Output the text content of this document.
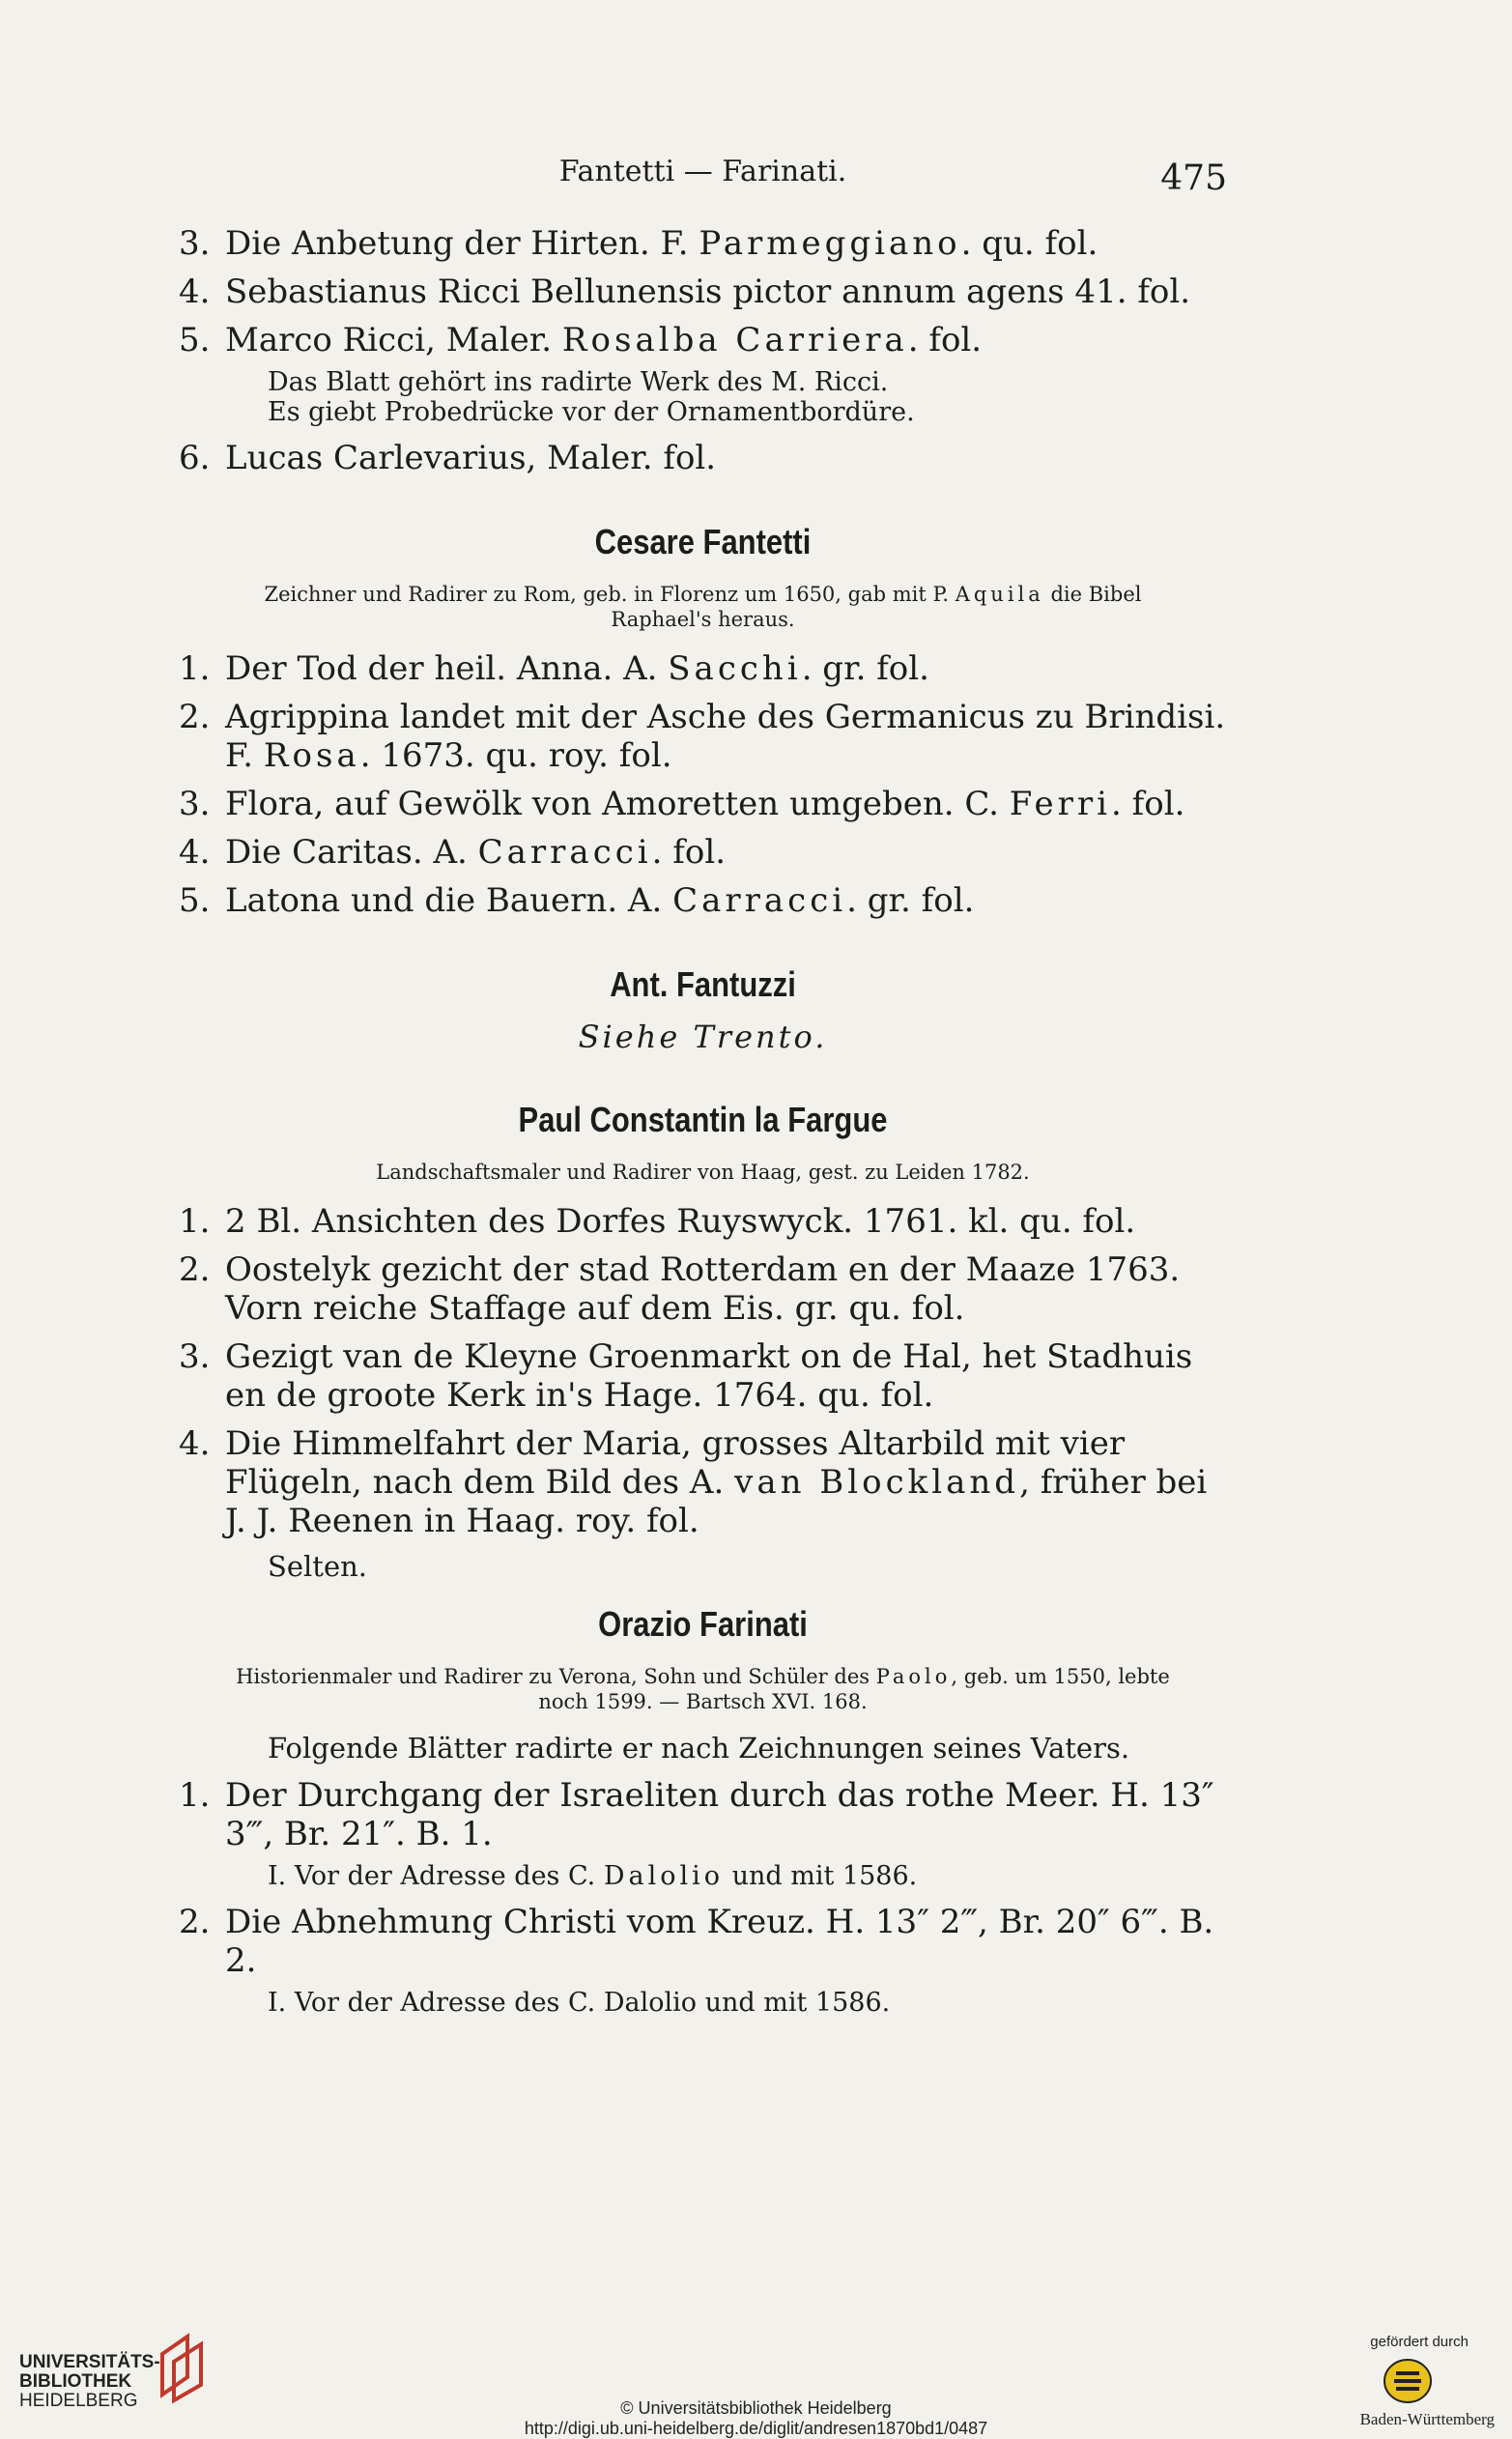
Fantetti — Farinati.	475

3. Die Anbetung der Hirten. F. Parmeggiano. qu. fol.

4. Sebastianus Ricci Bellunensis pictor annum agens 41. fol.

5. Marco Ricci, Maler. Rosalba Carriera. fol.

Das Blatt gehört ins radirte Werk des M. Ricci.

Es giebt Probedrücke vor der Ornamentbordüre.

6. Lucas Carlevarius, Maler. fol.

Cesare Fantetti
Zeichner und Radirer zu Rom, geb. in Florenz um 1650, gab mit P. Aquila die Bibel Raphael's heraus.

1. Der Tod der heil. Anna. A. Sacchi. gr. fol.

2. Agrippina landet mit der Asche des Germanicus zu Brindisi. F. Rosa. 1673. qu. roy. fol.

3. Flora, auf Gewölk von Amoretten umgeben. C. Ferri. fol.

4. Die Caritas. A. Carracci. fol.

5. Latona und die Bauern. A. Carracci. gr. fol.

Ant. Fantuzzi
Siehe Trento.
Paul Constantin la Fargue
Landschaftsmaler und Radirer von Haag, gest. zu Leiden 1782.

1. 2 Bl. Ansichten des Dorfes Ruyswyck. 1761. kl. qu. fol.

2. Oostelyk gezicht der stad Rotterdam en der Maaze 1763. Vorn reiche Staffage auf dem Eis. gr. qu. fol.

3. Gezigt van de Kleyne Groenmarkt on de Hal, het Stadhuis en de groote Kerk in's Hage. 1764. qu. fol.

4. Die Himmelfahrt der Maria, grosses Altarbild mit vier Flügeln, nach dem Bild des A. van Blockland, früher bei J. J. Reenen in Haag. roy. fol.

Selten.

Orazio Farinati
Historienmaler und Radirer zu Verona, Sohn und Schüler des Paolo, geb. um 1550, lebte noch 1599. — Bartsch XVI. 168.

Folgende Blätter radirte er nach Zeichnungen seines Vaters.

1. Der Durchgang der Israeliten durch das rothe Meer. H. 13″ 3‴, Br. 21″. B. 1.

I. Vor der Adresse des C. Dalolio und mit 1586.

2. Die Abnehmung Christi vom Kreuz. H. 13″ 2‴, Br. 20″ 6‴. B. 2.

I. Vor der Adresse des C. Dalolio und mit 1586.

UNIVERSITÄTS-
BIBLIOTHEK
HEIDELBERG	© Universitätsbibliothek Heidelberg
http://digi.ub.uni-heidelberg.de/diglit/andresen1870bd1/0487
gefördert durch
Baden-Württemberg
